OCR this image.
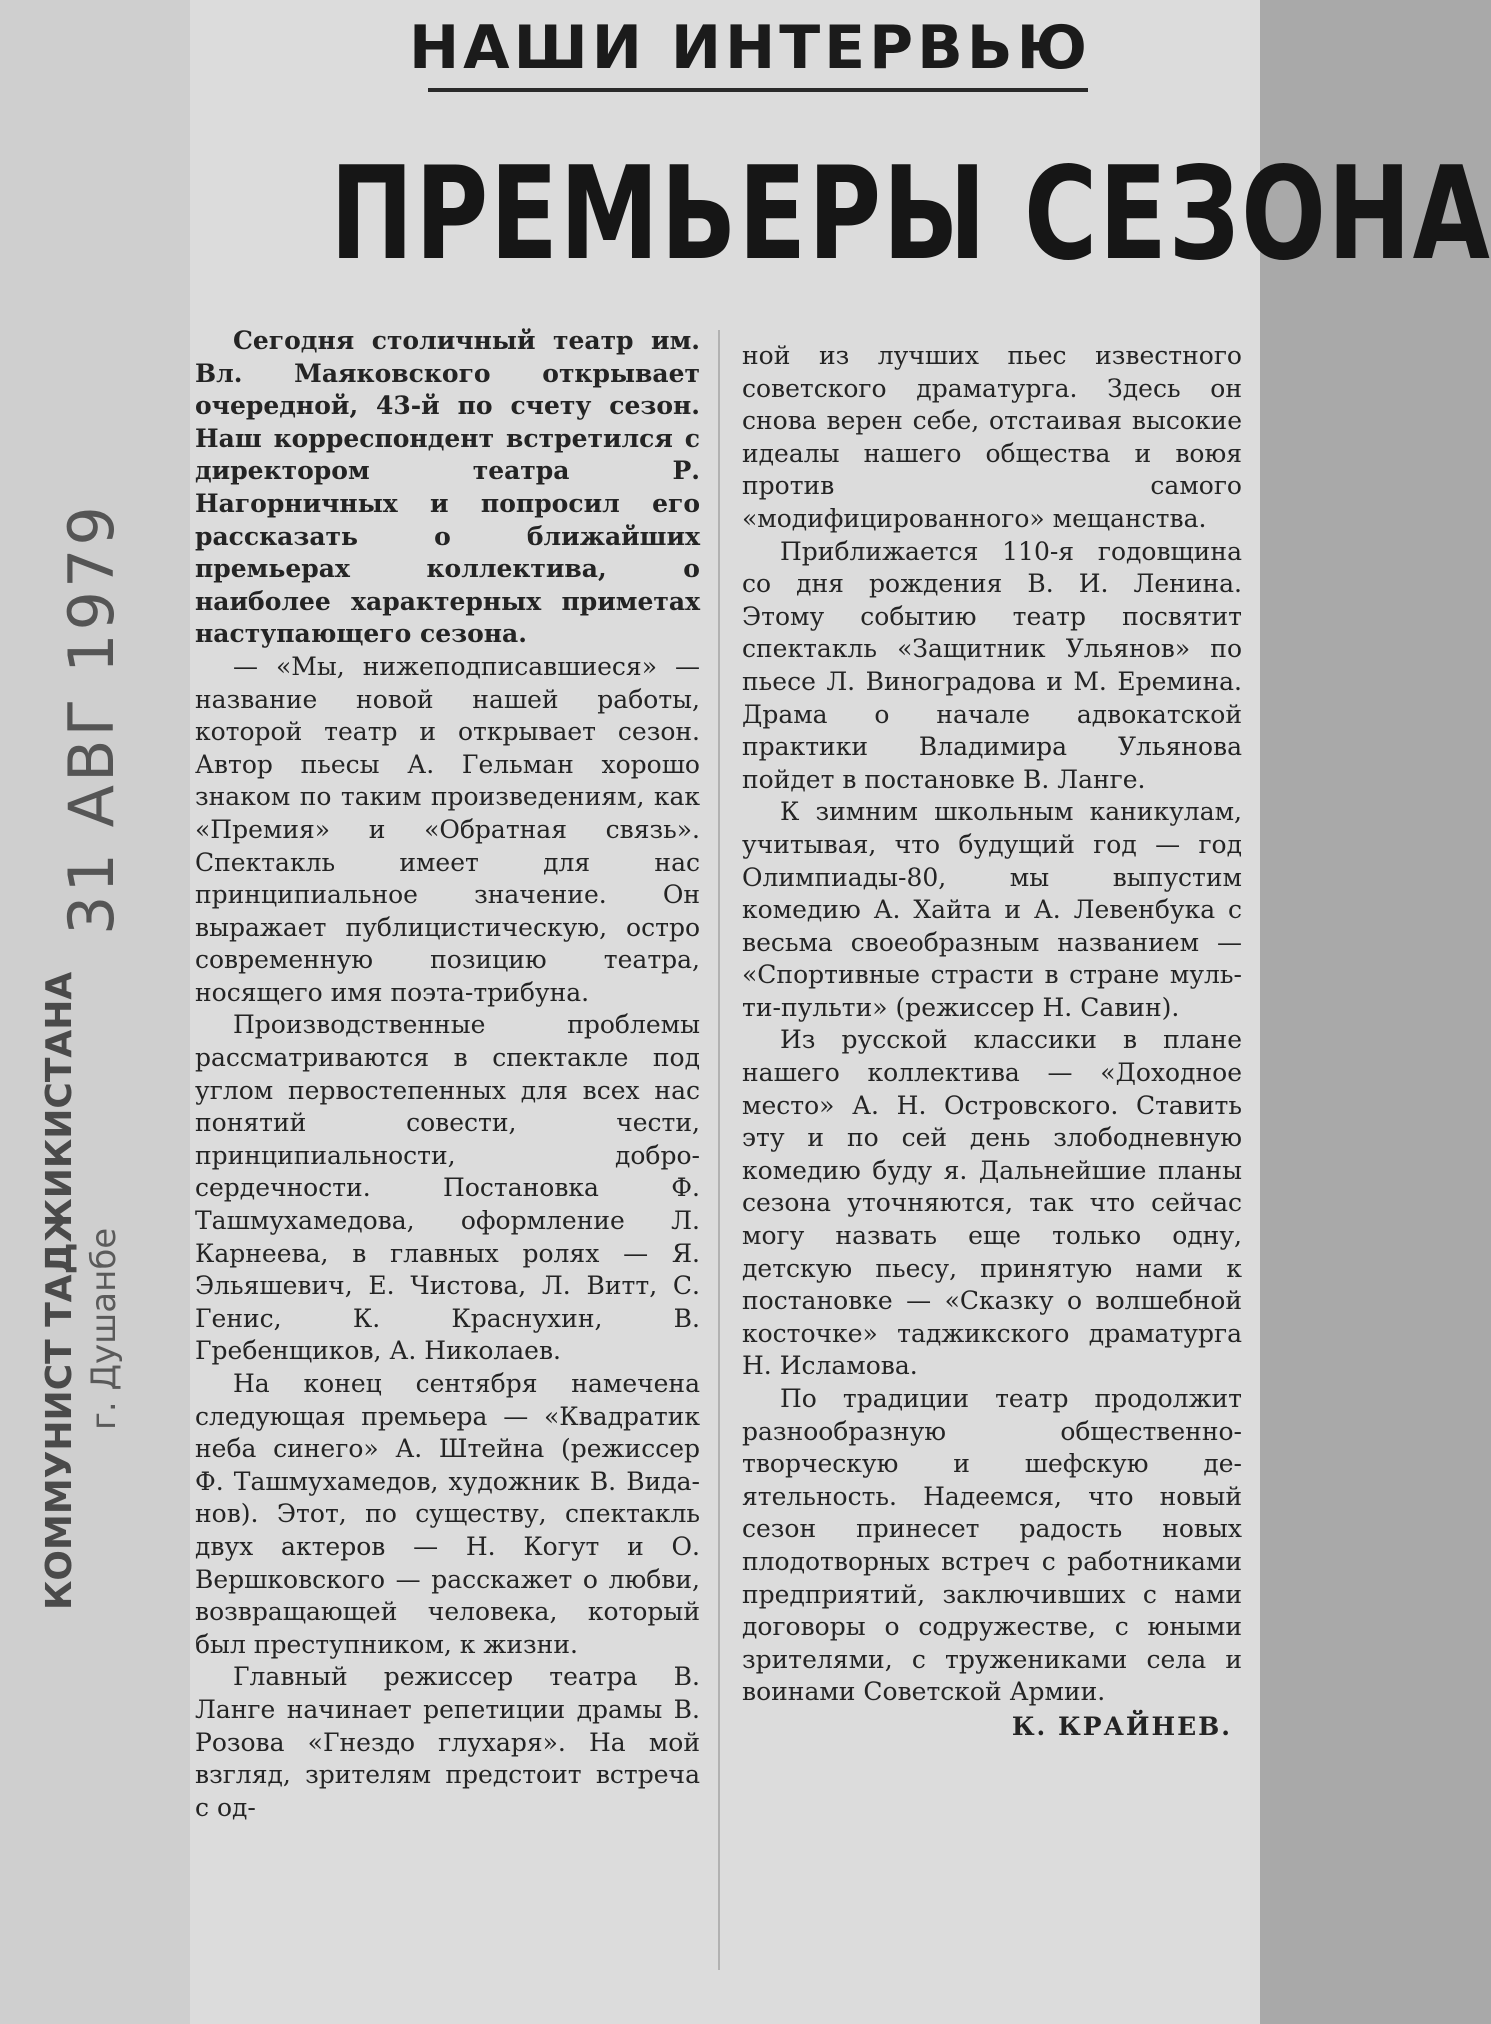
КОММУНИСТ ТАДЖИКИСТАНА г. Душанбе
31 АВГ 1979
НАШИ ИНТЕРВЬЮ
ПРЕМЬЕРЫ СЕЗОНА

Сегодня столичный театр им. Вл. Маяковского открывает очередной, 43-й по счету сезон. Наш корреспондент встретился с директором театра Р. Нагорничных и попросил его рассказать о ближайших премьерах коллектива, о наиболее характерных приметах наступающего сезона.

— «Мы, нижеподписавшиеся» — название новой нашей работы, которой театр и открывает сезон. Автор пьесы А. Гельман хорошо знаком по таким произведениям, как «Премия» и «Обратная связь». Спектакль имеет для нас принципиальное значение. Он выражает публицистическую, остро современную позицию театра, носящего имя поэта-трибуна.

Производственные проблемы рассматриваются в спектакле под углом первостепенных для всех нас понятий совести, чести, принципиальности, добросердечности. Постановка Ф. Ташмухамедова, оформление Л. Карнеева, в главных ролях — Я. Эльяшевич, Е. Чистова, Л. Витт, С. Генис, К. Краснухин, В. Гребенщиков, А. Николаев.

На конец сентября намечена следующая премьера — «Квадратик неба синего» А. Штейна (режиссер Ф. Ташмухамедов, художник В. Виданов). Этот, по существу, спектакль двух актеров — Н. Когут и О. Вершковского — расскажет о любви, возвращающей человека, который был преступником, к жизни.

Главный режиссер театра В. Ланге начинает репетиции драмы В. Розова «Гнездо глухаря». На мой взгляд, зрителям предстоит встреча с од-

ной из лучших пьес известного советского драматурга. Здесь он снова верен себе, отстаивая высокие идеалы нашего общества и воюя против самого «модифицированного» мещанства.

Приближается 110-я годовщина со дня рождения В. И. Ленина. Этому событию театр посвятит спектакль «Защитник Ульянов» по пьесе Л. Виноградова и М. Еремина. Драма о начале адвокатской практики Владимира Ульянова пойдет в постановке В. Ланге.

К зимним школьным каникулам, учитывая, что будущий год — год Олимпиады-80, мы выпустим комедию А. Хайта и А. Левенбука с весьма своеобразным названием — «Спортивные страсти в стране мульти-пульти» (режиссер Н. Савин).

Из русской классики в плане нашего коллектива — «Доходное место» А. Н. Островского. Ставить эту и по сей день злободневную комедию буду я. Дальнейшие планы сезона уточняются, так что сейчас могу назвать еще только одну, детскую пьесу, принятую нами к постановке — «Сказку о волшебной косточке» таджикского драматурга Н. Исламова.

По традиции театр продолжит разнообразную общественно-творческую и шефскую деятельность. Надеемся, что новый сезон принесет радость новых плодотворных встреч с работниками предприятий, заключивших с нами договоры о содружестве, с юными зрителями, с тружениками села и воинами Советской Армии.

К. КРАЙНЕВ.
